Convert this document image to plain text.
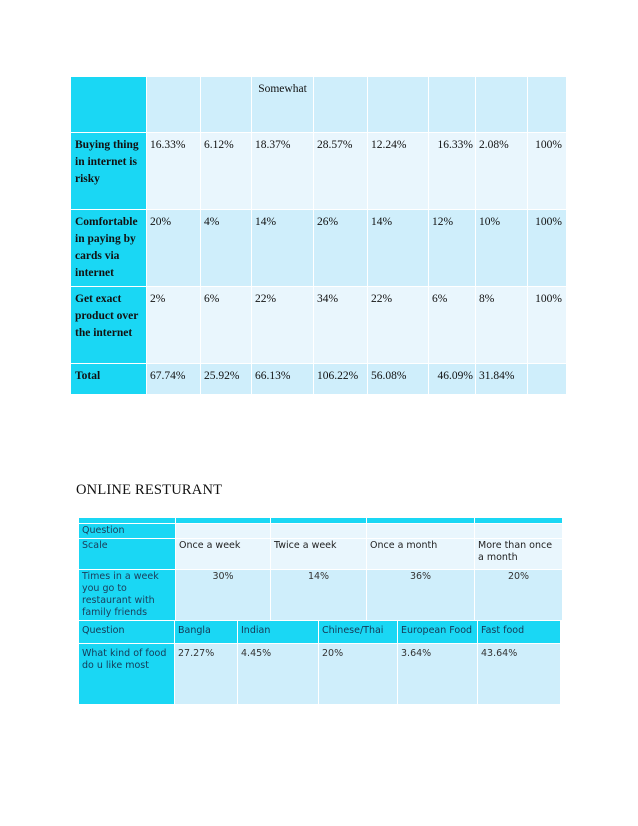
			Somewhat					
Buying thing in internet is risky	16.33%	6.12%	18.37%	28.57%	12.24%	16.33%	2.08%	100%
Comfortable in paying by cards via internet	20%	4%	14%	26%	14%	12%	10%	100%
Get exact product over the internet	2%	6%	22%	34%	22%	6%	8%	100%
Total	67.74%	25.92%	66.13%	106.22%	56.08%	46.09%	31.84%	
ONLINE RESTURANT

Question				
Scale	Once a week	Twice a week	Once a month	More than once a month
Times in a week you go to restaurant with family friends	30%	14%	36%	20%
Question	Bangla	Indian	Chinese/Thai	European Food	Fast food
What kind of food do u like most	27.27%	4.45%	20%	3.64%	43.64%
